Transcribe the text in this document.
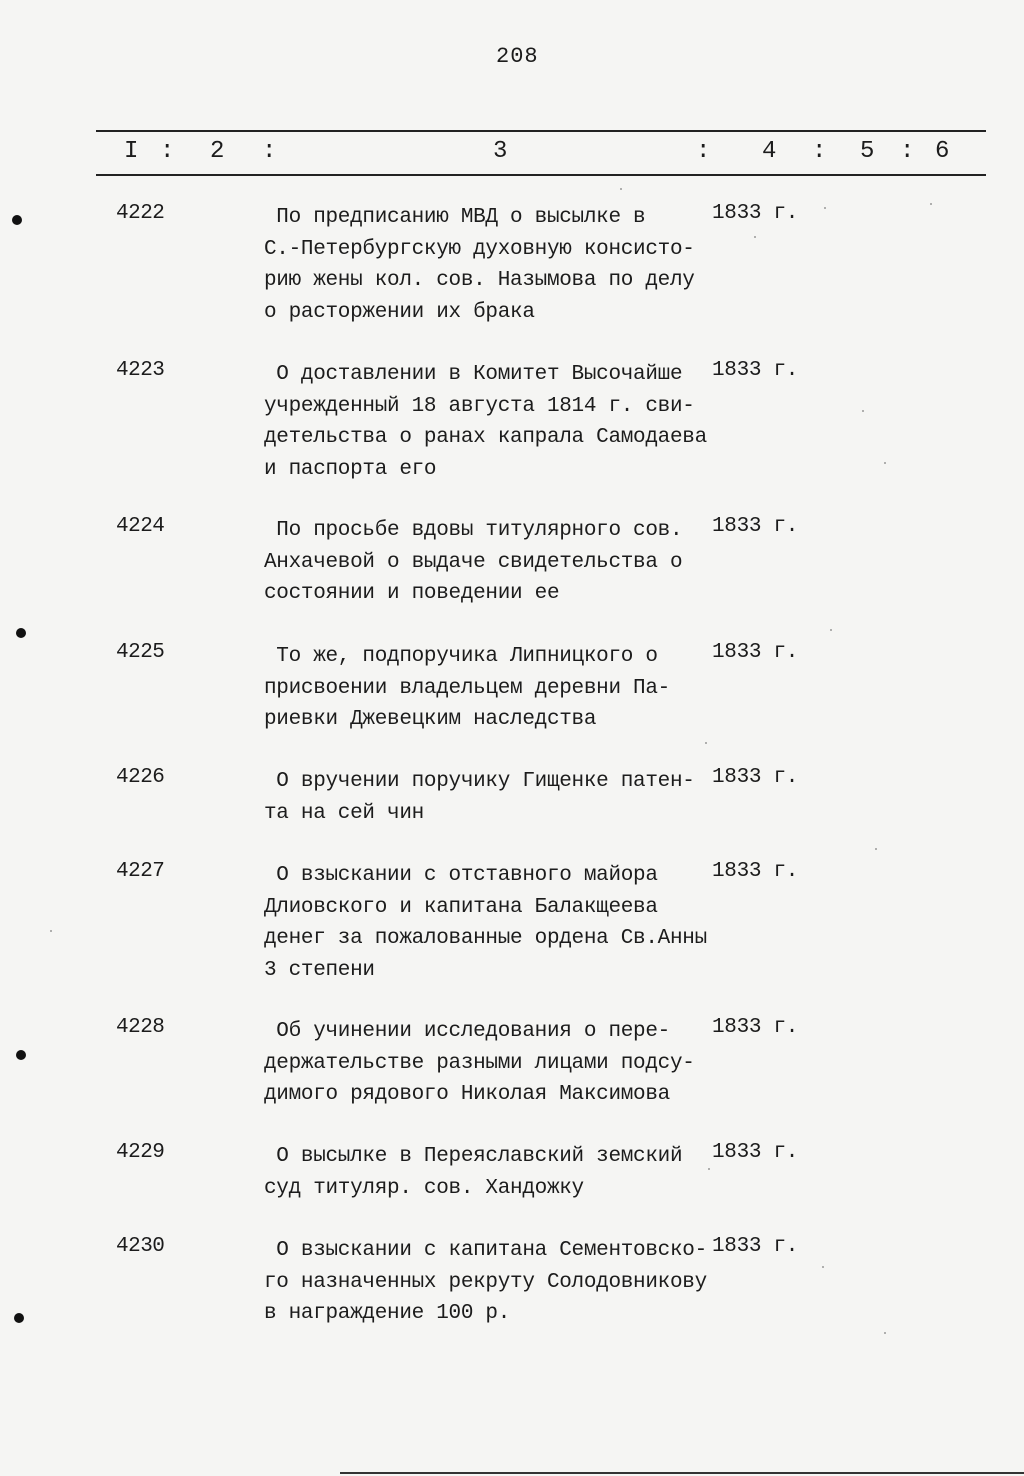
208
I : 2 :	3	: 4 : 5 : 6
4222	По предписанию МВД о высылке в
С.-Петербургскую духовную консисто-
рию жены кол. сов. Назымова по делу
о расторжении их брака
1833 г.
4223	О доставлении в Комитет Высочайше
учрежденный 18 августа 1814 г. сви-
детельства о ранах капрала Самодаева
и паспорта его
1833 г.
4224	По просьбе вдовы титулярного сов.
Анхачевой о выдаче свидетельства о
состоянии и поведении ее
1833 г.
4225	То же, подпоручика Липницкого о
присвоении владельцем деревни Па-
риевки Джевецким наследства
1833 г.
4226	О вручении поручику Гищенке патен-
та на сей чин
1833 г.
4227	О взыскании с отставного майора
Длиовского и капитана Балакщеева
денег за пожалованные ордена Св.Анны
3 степени
1833 г.
4228	Об учинении исследования о пере-
держательстве разными лицами подсу-
димого рядового Николая Максимова
1833 г.
4229	О высылке в Переяславский земский
суд титуляр. сов. Хандожку
1833 г.
4230	О взыскании с капитана Сементовско-
го назначенных рекруту Солодовникову
в награждение 100 р.
1833 г.
